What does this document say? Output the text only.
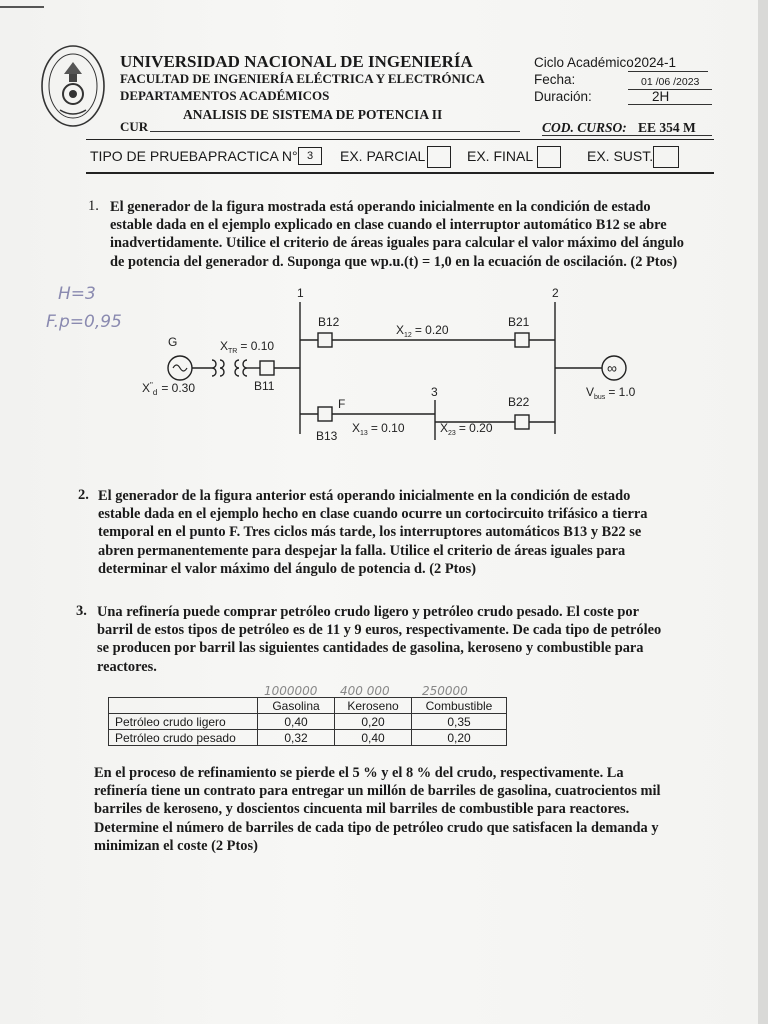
UNIVERSIDAD NACIONAL DE INGENIERÍA
FACULTAD DE INGENIERÍA ELÉCTRICA Y ELECTRÓNICA
DEPARTAMENTOS ACADÉMICOS
ANALISIS DE SISTEMA DE POTENCIA II
CUR
Ciclo Académico:
2024-1
Fecha:	01 /06 /2023
Duración:	2H
COD. CURSO: EE 354 M
TIPO DE PRUEBA:
PRACTICA N° 3	EX. PARCIAL	EX. FINAL	EX. SUST.
H=3
F.p=0,95
1. El generador de la figura mostrada está operando inicialmente en la condición de estado
estable dada en el ejemplo explicado en clase cuando el interruptor automático B12 se abre
inadvertidamente. Utilice el criterio de áreas iguales para calcular el valor máximo del ángulo
de potencia del generador d. Suponga que wp.u.(t) = 1,0 en la ecuación de oscilación. (2 Ptos)
∞
1	2
3
G	$X_{TR} = 0.10$
$X^"_d = 0.30$	B11
B12	B21
$X_{12} = 0.20$
F
B13
$X_{13} = 0.10$	$X_{23} = 0.20$
B22
$V_{bus} = 1.0$
2. El generador de la figura anterior está operando inicialmente en la condición de estado
estable dada en el ejemplo hecho en clase cuando ocurre un cortocircuito trifásico a tierra
temporal en el punto F. Tres ciclos más tarde, los interruptores automáticos B13 y B22 se
abren permanentemente para despejar la falla. Utilice el criterio de áreas iguales para
determinar el valor máximo del ángulo de potencia d. (2 Ptos)
3. Una refinería puede comprar petróleo crudo ligero y petróleo crudo pesado. El coste por
barril de estos tipos de petróleo es de 11 y 9 euros, respectivamente. De cada tipo de petróleo
se producen por barril las siguientes cantidades de gasolina, keroseno y combustible para
reactores.
1000000 400 000	250000
	Gasolina	Keroseno	Combustible
Petróleo crudo ligero	0,40	0,20	0,35
Petróleo crudo pesado	0,32	0,40	0,20
En el proceso de refinamiento se pierde el 5 % y el 8 % del crudo, respectivamente. La
refinería tiene un contrato para entregar un millón de barriles de gasolina, cuatrocientos mil
barriles de keroseno, y doscientos cincuenta mil barriles de combustible para reactores.
Determine el número de barriles de cada tipo de petróleo crudo que satisfacen la demanda y
minimizan el coste (2 Ptos)
